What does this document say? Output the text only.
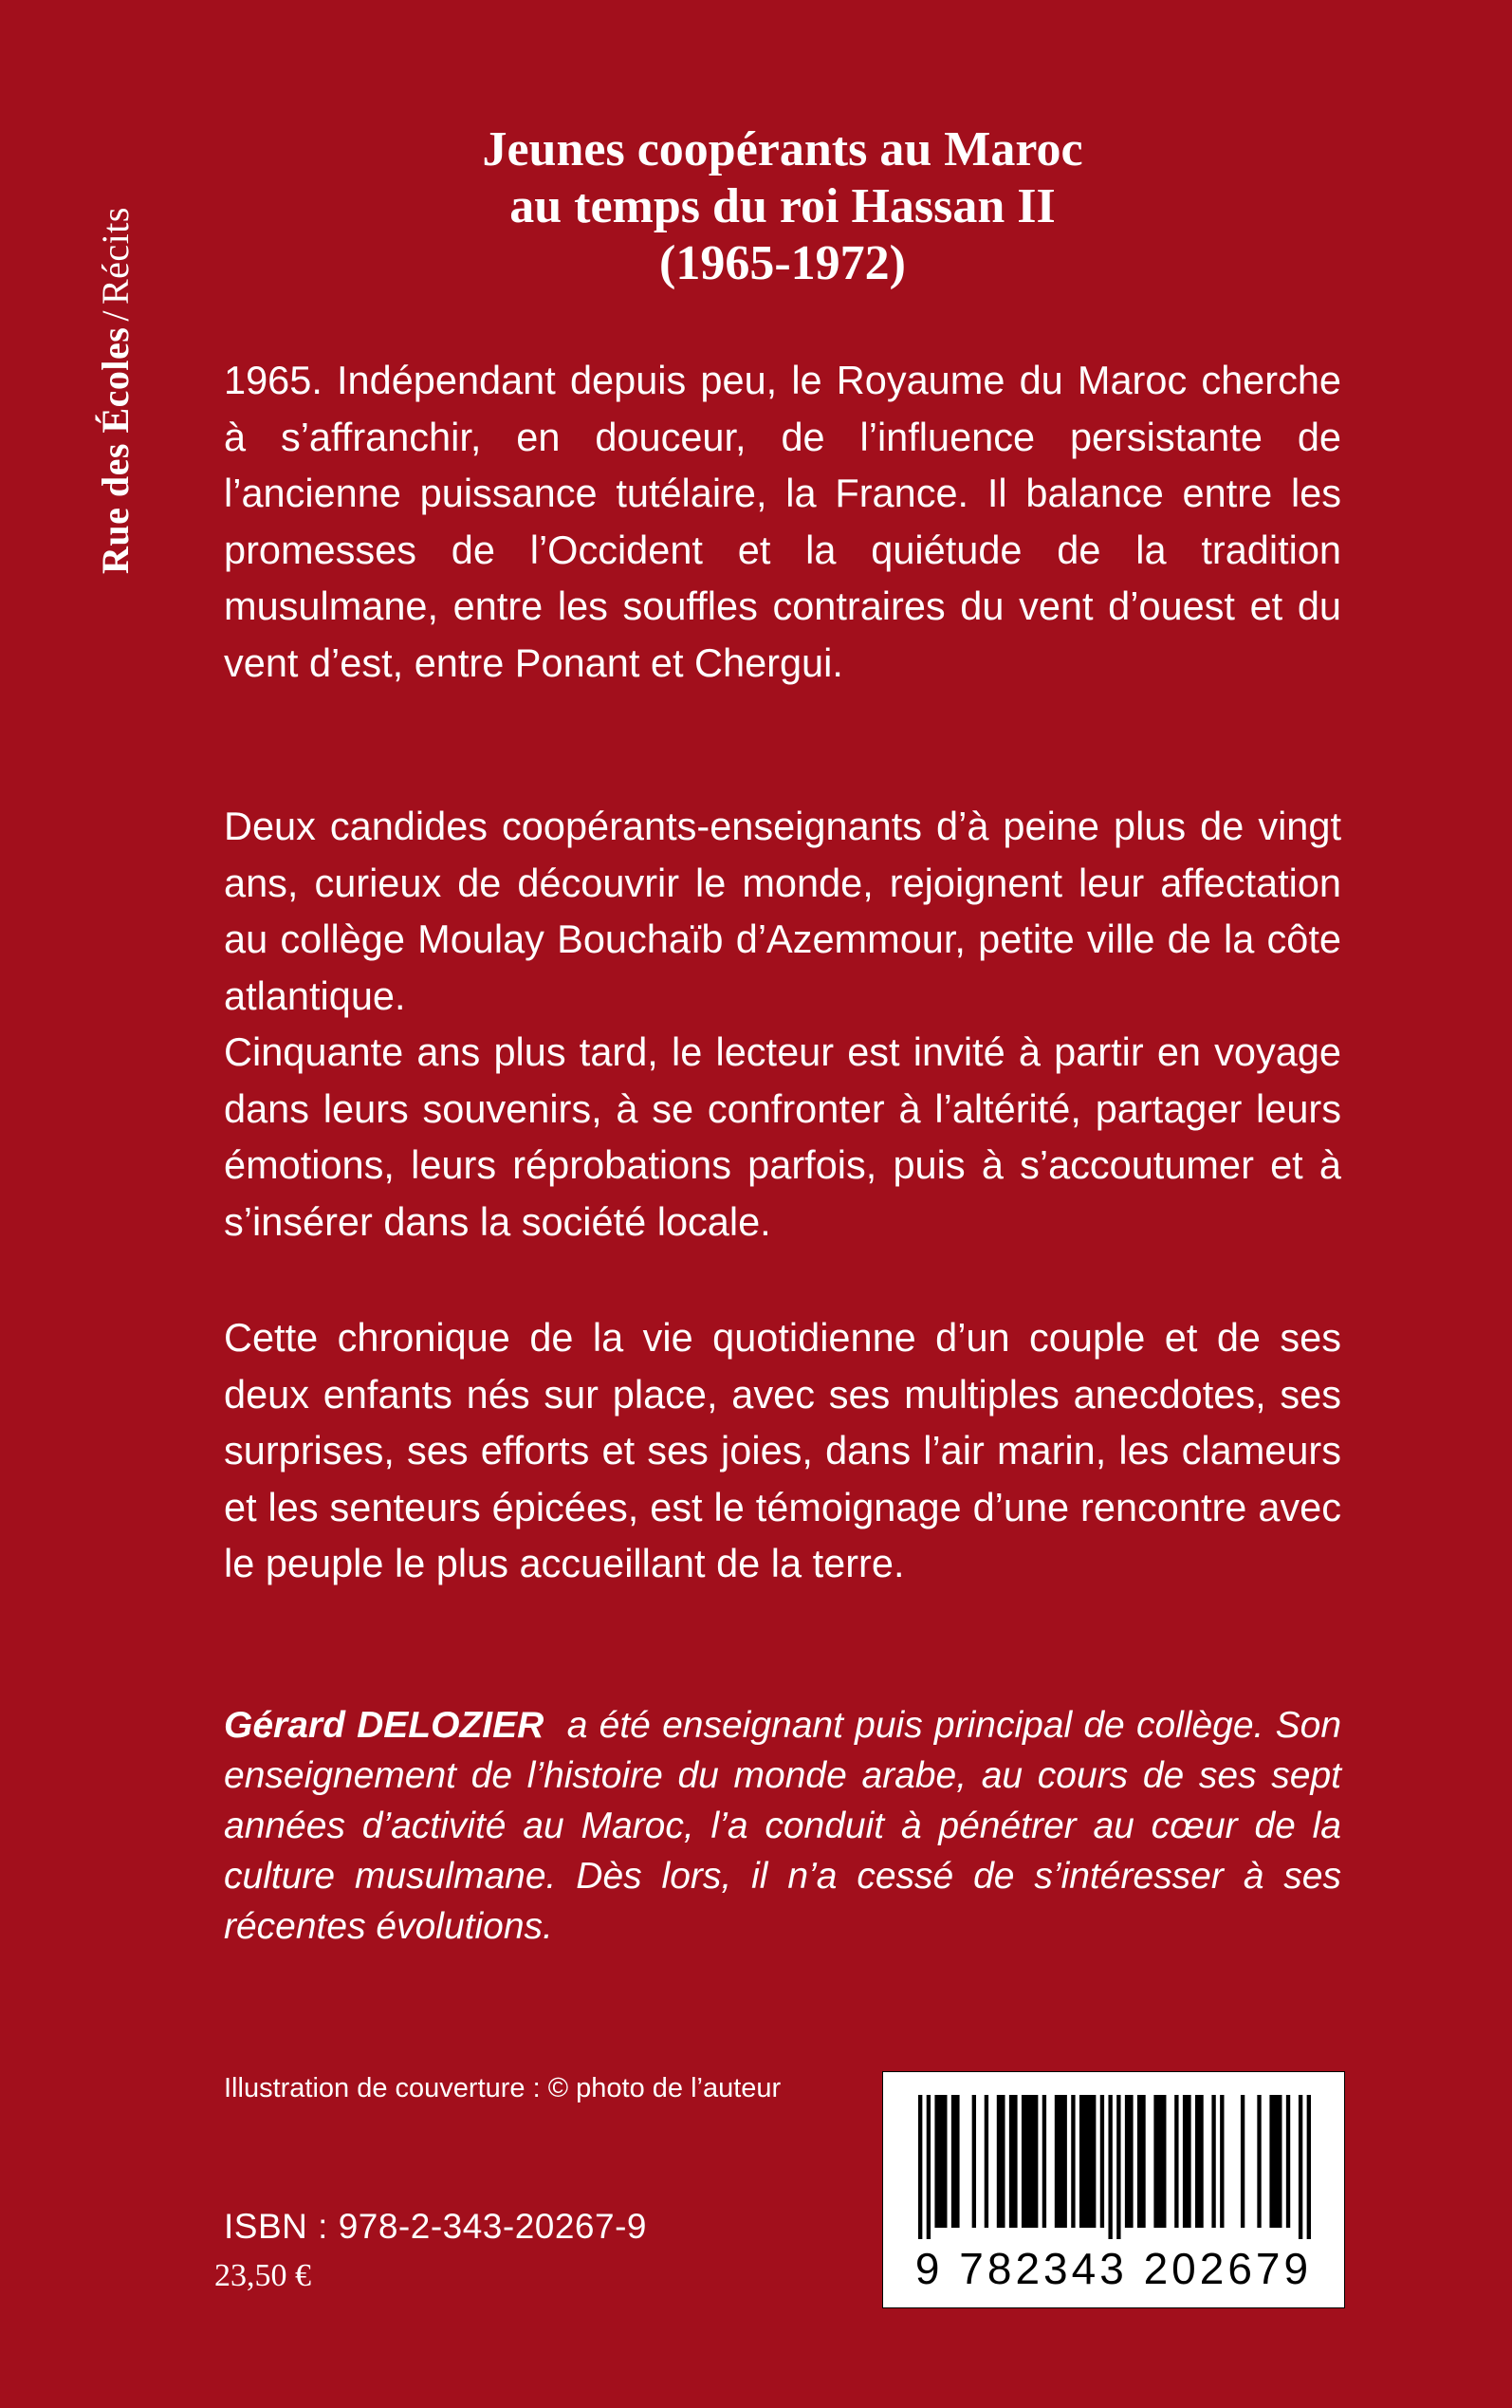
Rue des Écoles/Récits
Jeunes coopérants au Maroc
au temps du roi Hassan II
(1965-1972)

1965. Indépendant depuis peu, le Royaume du Maroc cherche à s’affranchir, en douceur, de l’influence persistante de l’ancienne puissance tutélaire, la France. Il balance entre les promesses de l’Occident et la quiétude de la tradition musulmane, entre les souffles contraires du vent d’ouest et du vent d’est, entre Ponant et Chergui.

Deux candides coopérants-enseignants d’à peine plus de vingt ans, curieux de découvrir le monde, rejoignent leur affectation au collège Moulay Bouchaïb d’Azemmour, petite ville de la côte atlantique.

Cinquante ans plus tard, le lecteur est invité à partir en voyage dans leurs souvenirs, à se confronter à l’altérité, partager leurs émotions, leurs réprobations parfois, puis à s’accoutumer et à s’insérer dans la société locale.

Cette chronique de la vie quotidienne d’un couple et de ses deux enfants nés sur place, avec ses multiples anecdotes, ses surprises, ses efforts et ses joies, dans l’air marin, les clameurs et les senteurs épicées, est le témoignage d’une rencontre avec le peuple le plus accueillant de la terre.

Gérard DELOZIER a été enseignant puis principal de collège. Son enseignement de l’histoire du monde arabe, au cours de ses sept années d’activité au Maroc, l’a conduit à pénétrer au cœur de la culture musulmane. Dès lors, il n’a cessé de s’intéresser à ses récentes évolutions.
Illustration de couverture : © photo de l’auteur
ISBN : 978-2-343-20267-9
23,50 €	9 782343 202679
